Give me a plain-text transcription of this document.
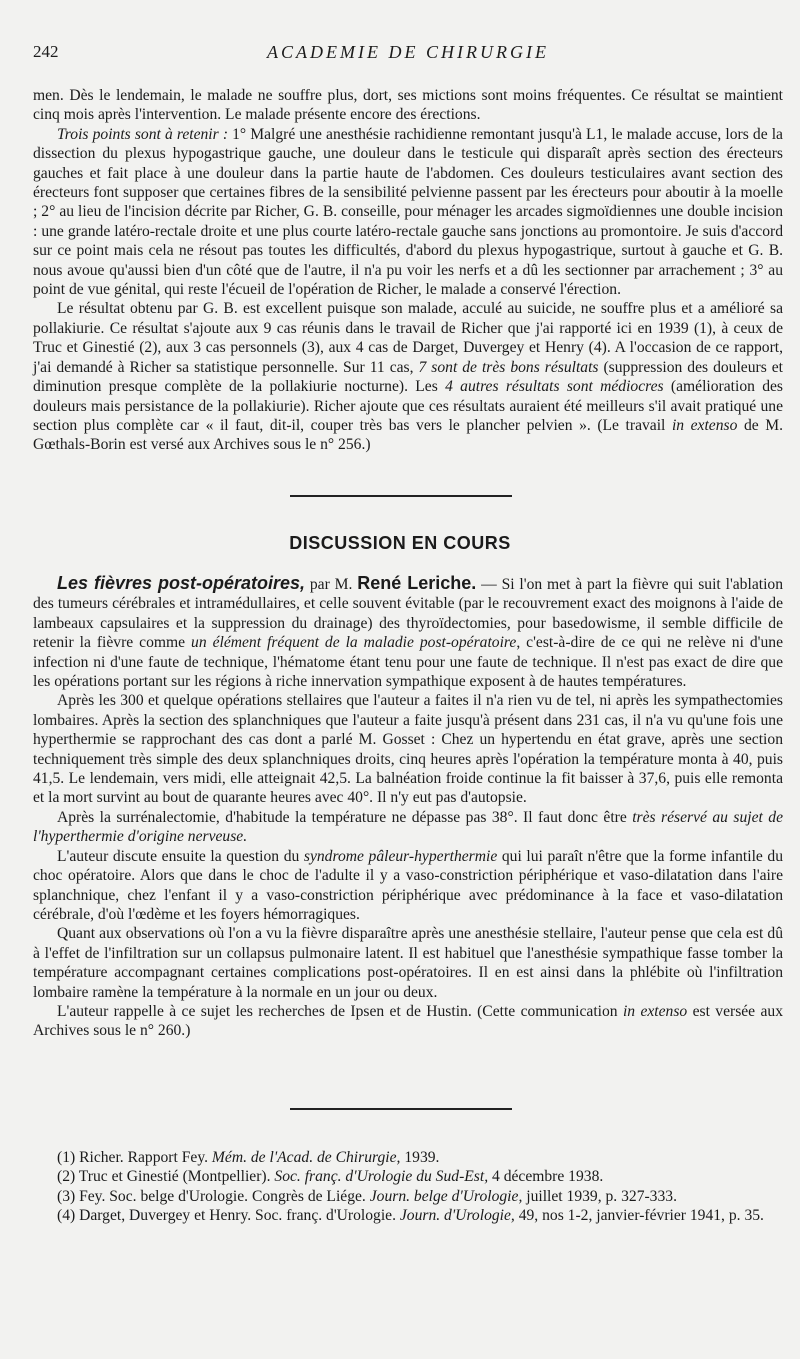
242	ACADEMIE DE CHIRURGIE

men. Dès le lendemain, le malade ne souffre plus, dort, ses mictions sont moins fréquentes. Ce résultat se maintient cinq mois après l'intervention. Le malade présente encore des érections.

Trois points sont à retenir : 1° Malgré une anesthésie rachidienne remontant jusqu'à L1, le malade accuse, lors de la dissection du plexus hypogastrique gauche, une douleur dans le testicule qui disparaît après section des érecteurs gauches et fait place à une douleur dans la partie haute de l'abdomen. Ces douleurs testiculaires avant section des érecteurs font supposer que certaines fibres de la sensibilité pelvienne passent par les érecteurs pour aboutir à la moelle ; 2° au lieu de l'incision décrite par Richer, G. B. conseille, pour ménager les arcades sigmoïdiennes une double incision : une grande latéro-rectale droite et une plus courte latéro-rectale gauche sans jonctions au promontoire. Je suis d'accord sur ce point mais cela ne résout pas toutes les difficultés, d'abord du plexus hypogastrique, surtout à gauche et G. B. nous avoue qu'aussi bien d'un côté que de l'autre, il n'a pu voir les nerfs et a dû les sectionner par arrachement ; 3° au point de vue génital, qui reste l'écueil de l'opération de Richer, le malade a conservé l'érection.

Le résultat obtenu par G. B. est excellent puisque son malade, acculé au suicide, ne souffre plus et a amélioré sa pollakiurie. Ce résultat s'ajoute aux 9 cas réunis dans le travail de Richer que j'ai rapporté ici en 1939 (1), à ceux de Truc et Ginestié (2), aux 3 cas personnels (3), aux 4 cas de Darget, Duvergey et Henry (4). A l'occasion de ce rapport, j'ai demandé à Richer sa statistique personnelle. Sur 11 cas, 7 sont de très bons résultats (suppression des douleurs et diminution presque complète de la pollakiurie nocturne). Les 4 autres résultats sont médiocres (amélioration des douleurs mais persistance de la pollakiurie). Richer ajoute que ces résultats auraient été meilleurs s'il avait pratiqué une section plus complète car « il faut, dit-il, couper très bas vers le plancher pelvien ». (Le travail in extenso de M. Gœthals-Borin est versé aux Archives sous le n° 256.)

DISCUSSION EN COURS

Les fièvres post-opératoires, par M. René Leriche. — Si l'on met à part la fièvre qui suit l'ablation des tumeurs cérébrales et intramédullaires, et celle souvent évitable (par le recouvrement exact des moignons à l'aide de lambeaux capsulaires et la suppression du drainage) des thyroïdectomies, pour basedowisme, il semble difficile de retenir la fièvre comme un élément fréquent de la maladie post-opératoire, c'est-à-dire de ce qui ne relève ni d'une infection ni d'une faute de technique, l'hématome étant tenu pour une faute de technique. Il n'est pas exact de dire que les opérations portant sur les régions à riche innervation sympathique exposent à de hautes températures.

Après les 300 et quelque opérations stellaires que l'auteur a faites il n'a rien vu de tel, ni après les sympathectomies lombaires. Après la section des splanchniques que l'auteur a faite jusqu'à présent dans 231 cas, il n'a vu qu'une fois une hyperthermie se rapprochant des cas dont a parlé M. Gosset : Chez un hypertendu en état grave, après une section techniquement très simple des deux splanchniques droits, cinq heures après l'opération la température monta à 40, puis 41,5. Le lendemain, vers midi, elle atteignait 42,5. La balnéation froide continue la fit baisser à 37,6, puis elle remonta et la mort survint au bout de quarante heures avec 40°. Il n'y eut pas d'autopsie.

Après la surrénalectomie, d'habitude la température ne dépasse pas 38°. Il faut donc être très réservé au sujet de l'hyperthermie d'origine nerveuse.

L'auteur discute ensuite la question du syndrome pâleur-hyperthermie qui lui paraît n'être que la forme infantile du choc opératoire. Alors que dans le choc de l'adulte il y a vaso-constriction périphérique et vaso-dilatation dans l'aire splanchnique, chez l'enfant il y a vaso-constriction périphérique avec prédominance à la face et vaso-dilatation cérébrale, d'où l'œdème et les foyers hémorragiques.

Quant aux observations où l'on a vu la fièvre disparaître après une anesthésie stellaire, l'auteur pense que cela est dû à l'effet de l'infiltration sur un collapsus pulmonaire latent. Il est habituel que l'anesthésie sympathique fasse tomber la température accompagnant certaines complications post-opératoires. Il en est ainsi dans la phlébite où l'infiltration lombaire ramène la température à la normale en un jour ou deux.

L'auteur rappelle à ce sujet les recherches de Ipsen et de Hustin. (Cette communication in extenso est versée aux Archives sous le n° 260.)

(1) Richer. Rapport Fey. Mém. de l'Acad. de Chirurgie, 1939.

(2) Truc et Ginestié (Montpellier). Soc. franç. d'Urologie du Sud-Est, 4 décembre 1938.

(3) Fey. Soc. belge d'Urologie. Congrès de Liége. Journ. belge d'Urologie, juillet 1939, p. 327-333.

(4) Darget, Duvergey et Henry. Soc. franç. d'Urologie. Journ. d'Urologie, 49, nos 1-2, janvier-février 1941, p. 35.
